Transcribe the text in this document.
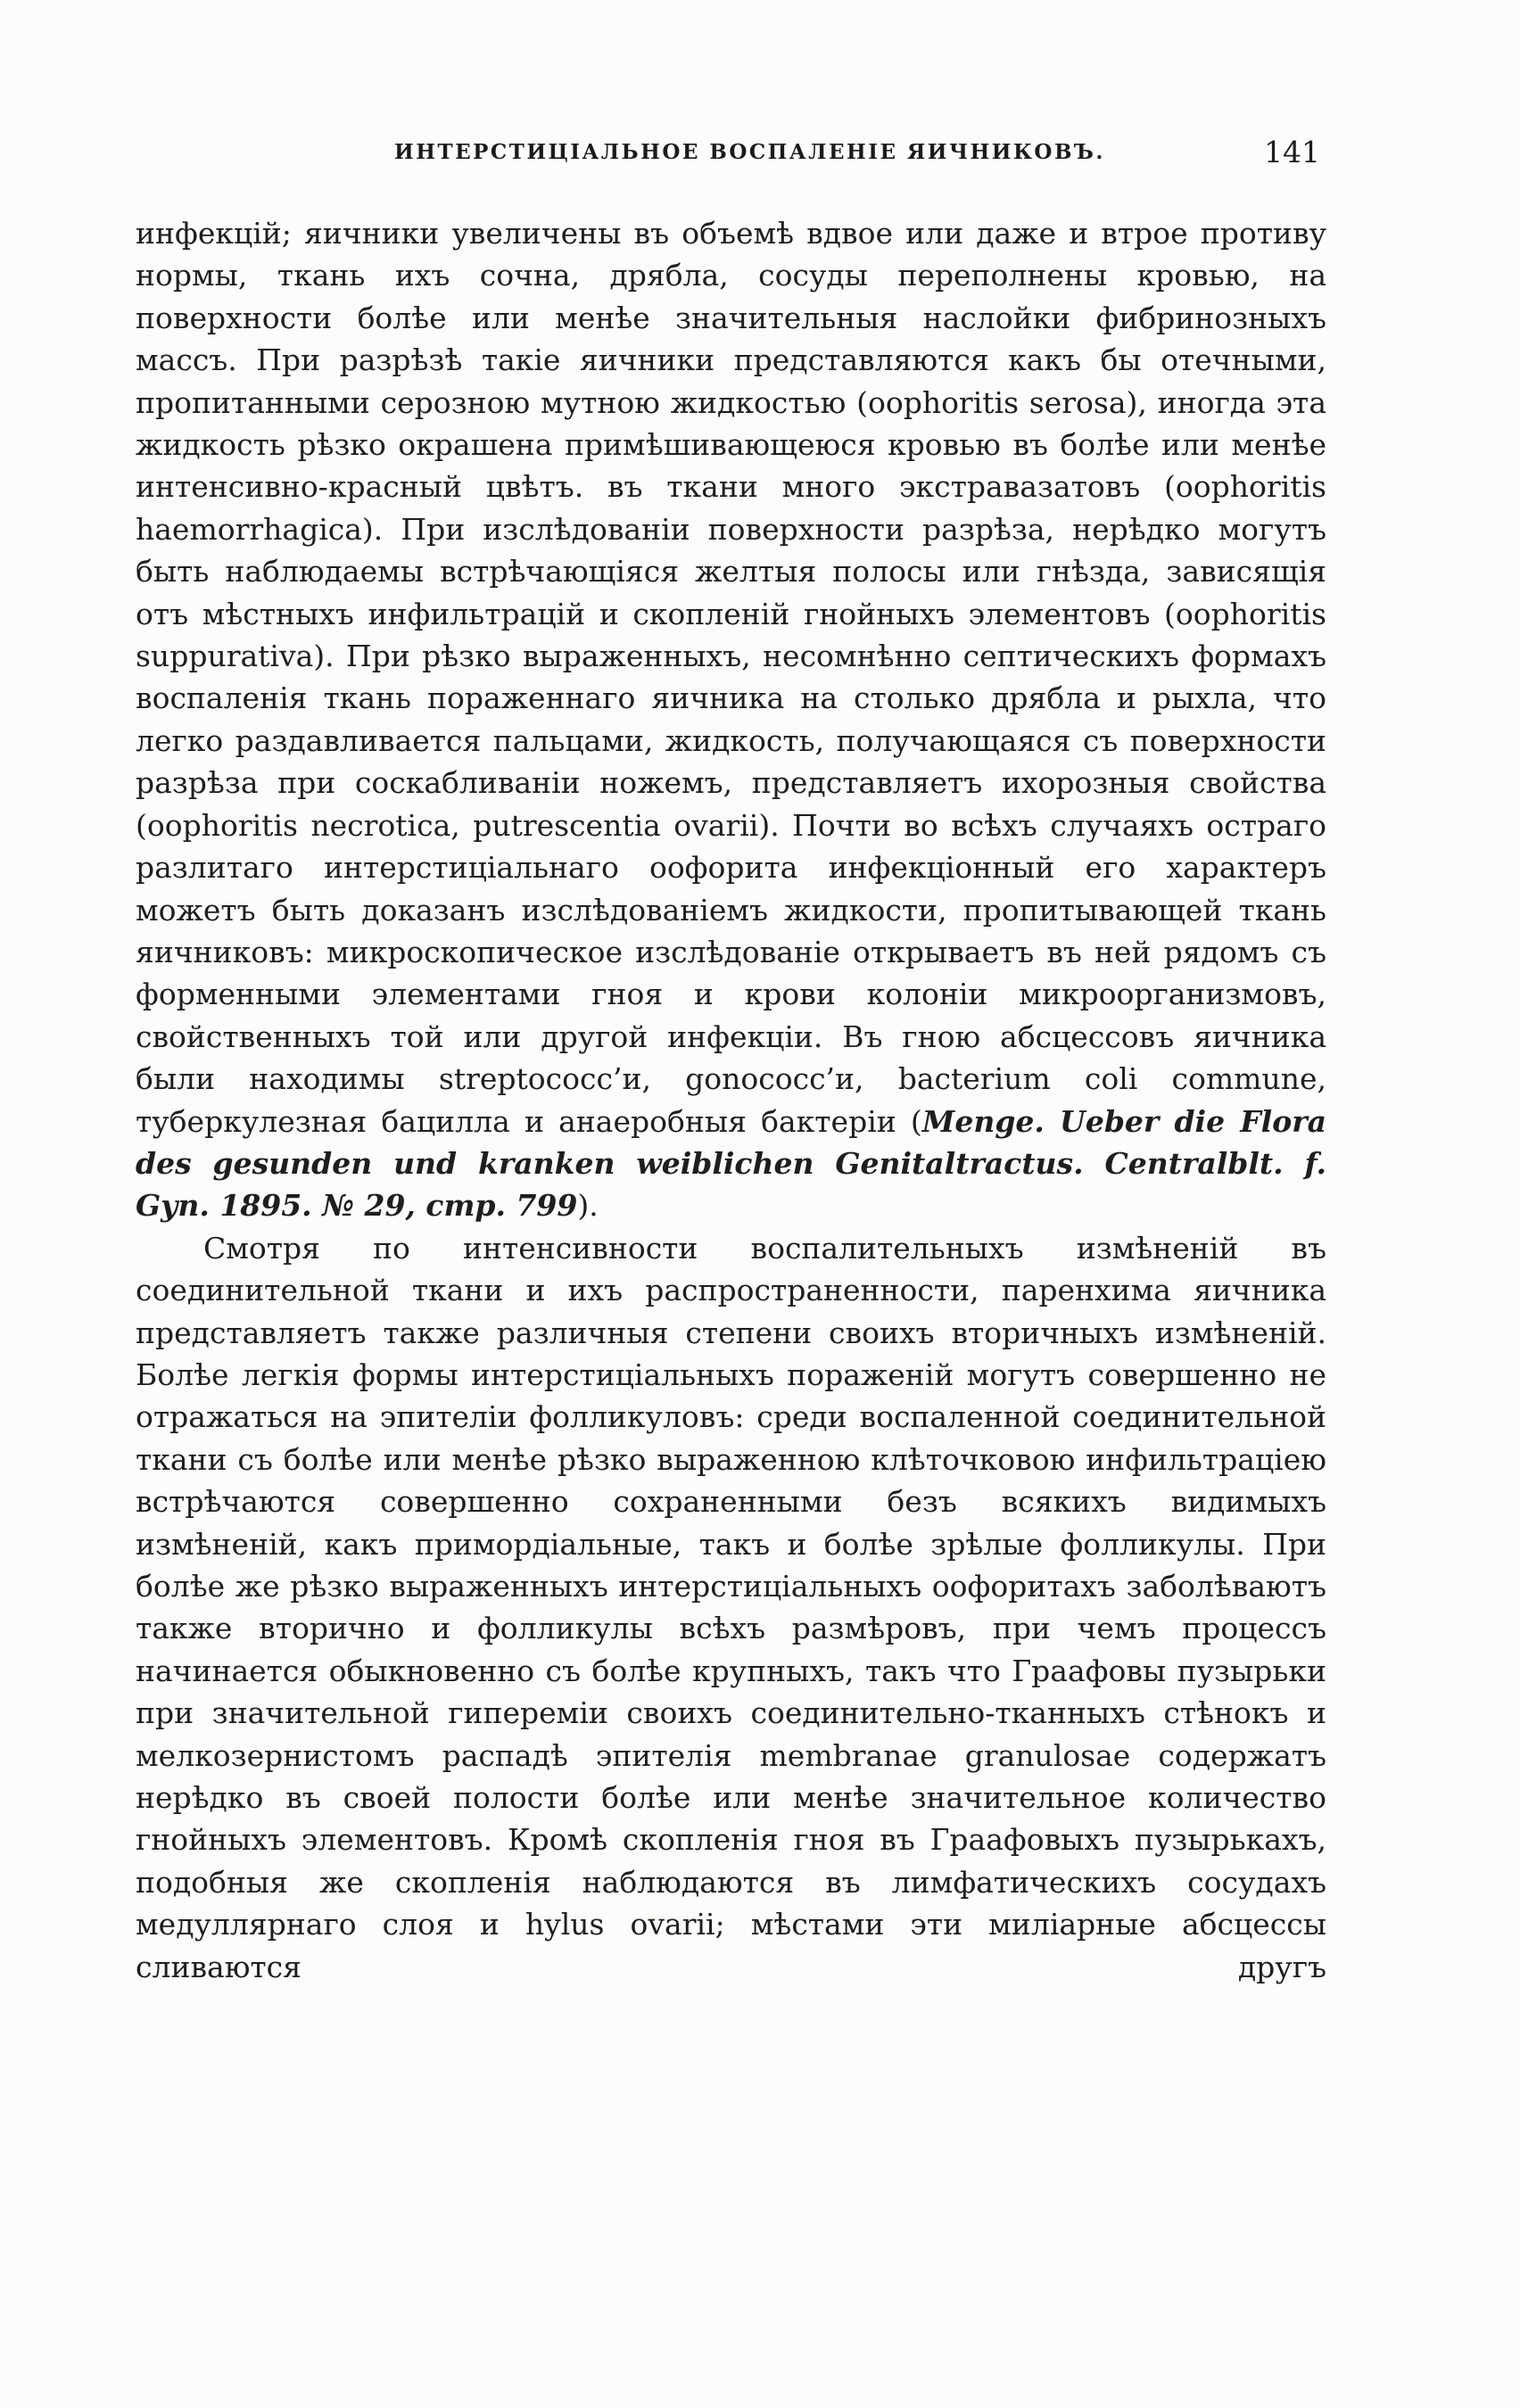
ИНТЕРСТИЦІАЛЬНОЕ ВОСПАЛЕНІЕ ЯИЧНИКОВЪ.	141

инфекцій; яичники увеличены въ объемѣ вдвое или даже и втрое противу нормы, ткань ихъ сочна, дрябла, сосуды переполнены кровью, на поверхности болѣе или менѣе значительныя наслойки фибринозныхъ массъ. При разрѣзѣ такіе яичники представляются какъ бы отечными, пропитанными серозною мутною жидкостью (oophoritis serosa), иногда эта жидкость рѣзко окрашена примѣшивающеюся кровью въ болѣе или менѣе интенсивно-красный цвѣтъ. въ ткани много экстравазатовъ (oophoritis haemorrhagica). При изслѣдованіи поверхности разрѣза, нерѣдко могутъ быть наблюдаемы встрѣчающіяся желтыя полосы или гнѣзда, зависящія отъ мѣстныхъ инфильтрацій и скопленій гнойныхъ элементовъ (oophoritis suppurativa). При рѣзко выраженныхъ, несомнѣнно септическихъ формахъ воспаленія ткань пораженнаго яичника на столько дрябла и рыхла, что легко раздавливается пальцами, жидкость, получающаяся съ поверхности разрѣза при соскабливаніи ножемъ, представляетъ ихорозныя свойства (oophoritis necrotica, putrescentia ovarii). Почти во всѣхъ случаяхъ остраго разлитаго интерстиціальнаго оофорита инфекціонный его характеръ можетъ быть доказанъ изслѣдованіемъ жидкости, пропитывающей ткань яичниковъ: микроскопическое изслѣдованіе открываетъ въ ней рядомъ съ форменными элементами гноя и крови колоніи микроорганизмовъ, свойственныхъ той или другой инфекціи. Въ гною абсцессовъ яичника были находимы streptococc’и, gonococc’и, bacterium coli commune, туберкулезная бацилла и анаеробныя бактеріи (Menge. Ueber die Flora des gesunden und kranken weiblichen Genitaltractus. Centralblt. f. Gyn. 1895. № 29, стр. 799).

Смотря по интенсивности воспалительныхъ измѣненій въ соединительной ткани и ихъ распространенности, паренхима яичника представляетъ также различныя степени своихъ вторичныхъ измѣненій. Болѣе легкія формы интерстиціальныхъ пораженій могутъ совершенно не отражаться на эпителіи фолликуловъ: среди воспаленной соединительной ткани съ болѣе или менѣе рѣзко выраженною клѣточковою инфильтраціею встрѣчаются совершенно сохраненными безъ всякихъ видимыхъ измѣненій, какъ примордіальные, такъ и болѣе зрѣлые фолликулы. При болѣе же рѣзко выраженныхъ интерстиціальныхъ оофоритахъ заболѣваютъ также вторично и фолликулы всѣхъ размѣровъ, при чемъ процессъ начинается обыкновенно съ болѣе крупныхъ, такъ что Граафовы пузырьки при значительной гипереміи своихъ соединительно-тканныхъ стѣнокъ и мелкозернистомъ распадѣ эпителія membranae granulosae содержатъ нерѣдко въ своей полости болѣе или менѣе значительное количество гнойныхъ элементовъ. Кромѣ скопленія гноя въ Граафовыхъ пузырькахъ, подобныя же скопленія наблюдаются въ лимфатическихъ сосудахъ медуллярнаго слоя и hylus ovarii; мѣстами эти миліарные абсцессы сливаются другъ
